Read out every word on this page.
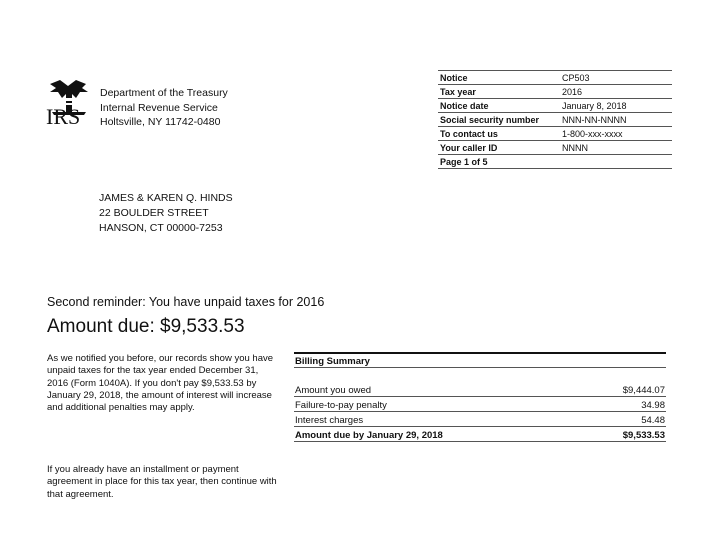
IRS
Department of the Treasury
Internal Revenue Service
Holtsville, NY 11742-0480
Notice	CP503
Tax year	2016
Notice date	January 8, 2018
Social security number	NNN-NN-NNNN
To contact us	1-800-xxx-xxxx
Your caller ID	NNNN
Page 1 of 5	
JAMES & KAREN Q. HINDS
22 BOULDER STREET
HANSON, CT 00000-7253
Second reminder: You have unpaid taxes for 2016
Amount due: $9,533.53

As we notified you before, our records show you have unpaid taxes for the tax year ended December 31, 2016 (Form 1040A). If you don't pay $9,533.53 by January 29, 2018, the amount of interest will increase and additional penalties may apply.

If you already have an installment or payment agreement in place for this tax year, then continue with that agreement.

Billing Summary
Amount you owed	$9,444.07
Failure-to-pay penalty	34.98
Interest charges	54.48
Amount due by January 29, 2018	$9,533.53
